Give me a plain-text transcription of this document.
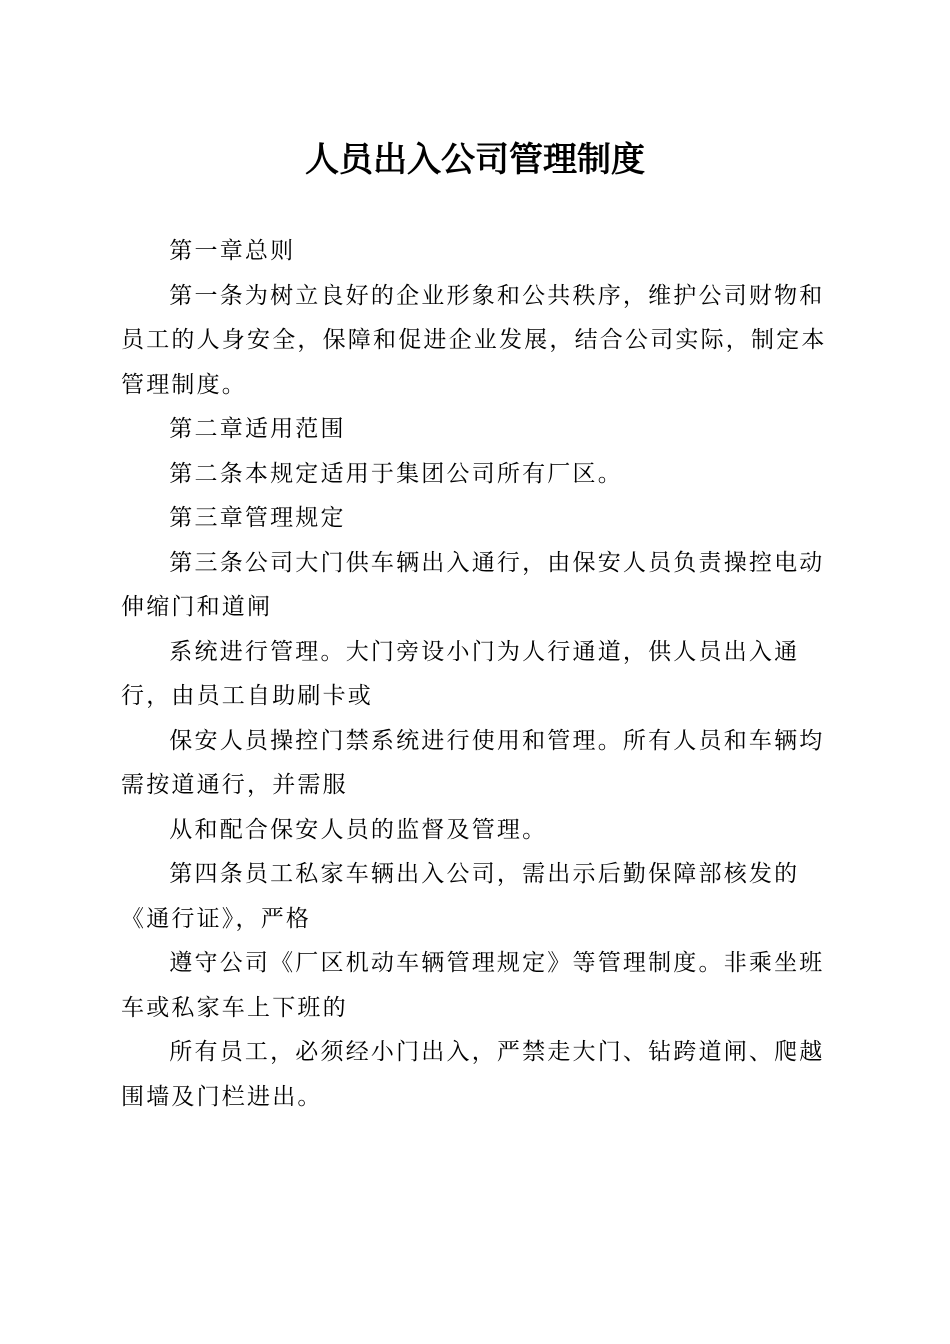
人员出入公司管理制度

第一章总则

第一条为树立良好的企业形象和公共秩序，维护公司财物和员工的人身安全，保障和促进企业发展，结合公司实际，制定本管理制度。

第二章适用范围

第二条本规定适用于集团公司所有厂区。

第三章管理规定

第三条公司大门供车辆出入通行，由保安人员负责操控电动伸缩门和道闸

系统进行管理。大门旁设小门为人行通道，供人员出入通行，由员工自助刷卡或

保安人员操控门禁系统进行使用和管理。所有人员和车辆均需按道通行，并需服

从和配合保安人员的监督及管理。

第四条员工私家车辆出入公司，需出示后勤保障部核发的《通行证》，严格

遵守公司《厂区机动车辆管理规定》等管理制度。非乘坐班车或私家车上下班的

所有员工，必须经小门出入，严禁走大门、钻跨道闸、爬越围墙及门栏进出。
